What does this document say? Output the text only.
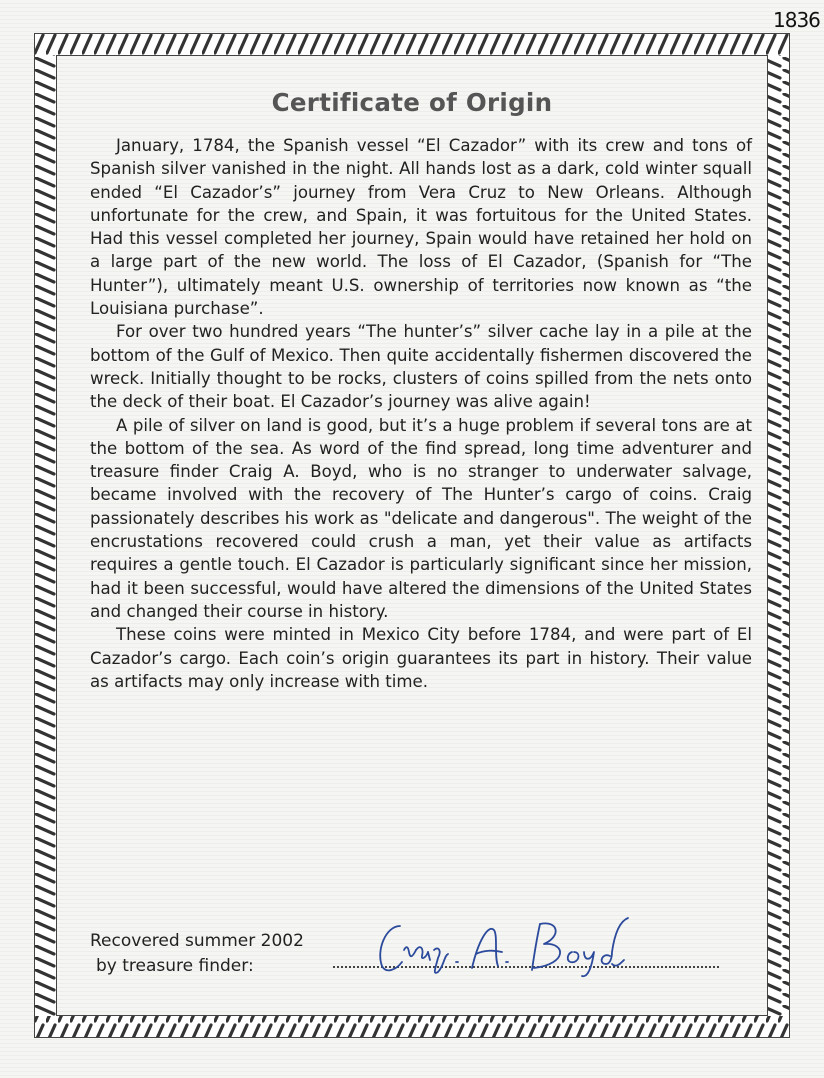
1836
Certificate of Origin

January, 1784, the Spanish vessel “El Cazador” with its crew and tons of Spanish silver vanished in the night. All hands lost as a dark, cold winter squall ended “El Cazador’s” journey from Vera Cruz to New Orleans. Although unfortunate for the crew, and Spain, it was fortuitous for the United States. Had this vessel completed her journey, Spain would have retained her hold on a large part of the new world. The loss of El Cazador, (Spanish for “The Hunter”), ultimately meant U.S. ownership of territories now known as “the Louisiana purchase”.

For over two hundred years “The hunter’s” silver cache lay in a pile at the bottom of the Gulf of Mexico. Then quite accidentally fishermen discovered the wreck. Initially thought to be rocks, clusters of coins spilled from the nets onto the deck of their boat. El Cazador’s journey was alive again!

A pile of silver on land is good, but it’s a huge problem if several tons are at the bottom of the sea. As word of the find spread, long time adventurer and treasure finder Craig A. Boyd, who is no stranger to underwater salvage, became involved with the recovery of The Hunter’s cargo of coins. Craig passionately describes his work as "delicate and dangerous". The weight of the encrustations recovered could crush a man, yet their value as artifacts requires a gentle touch. El Cazador is particularly significant since her mission, had it been successful, would have altered the dimensions of the United States and changed their course in history.

These coins were minted in Mexico City before 1784, and were part of El Cazador’s cargo. Each coin’s origin guarantees its part in history. Their value as artifacts may only increase with time.

Recovered summer 2002
by treasure finder:
